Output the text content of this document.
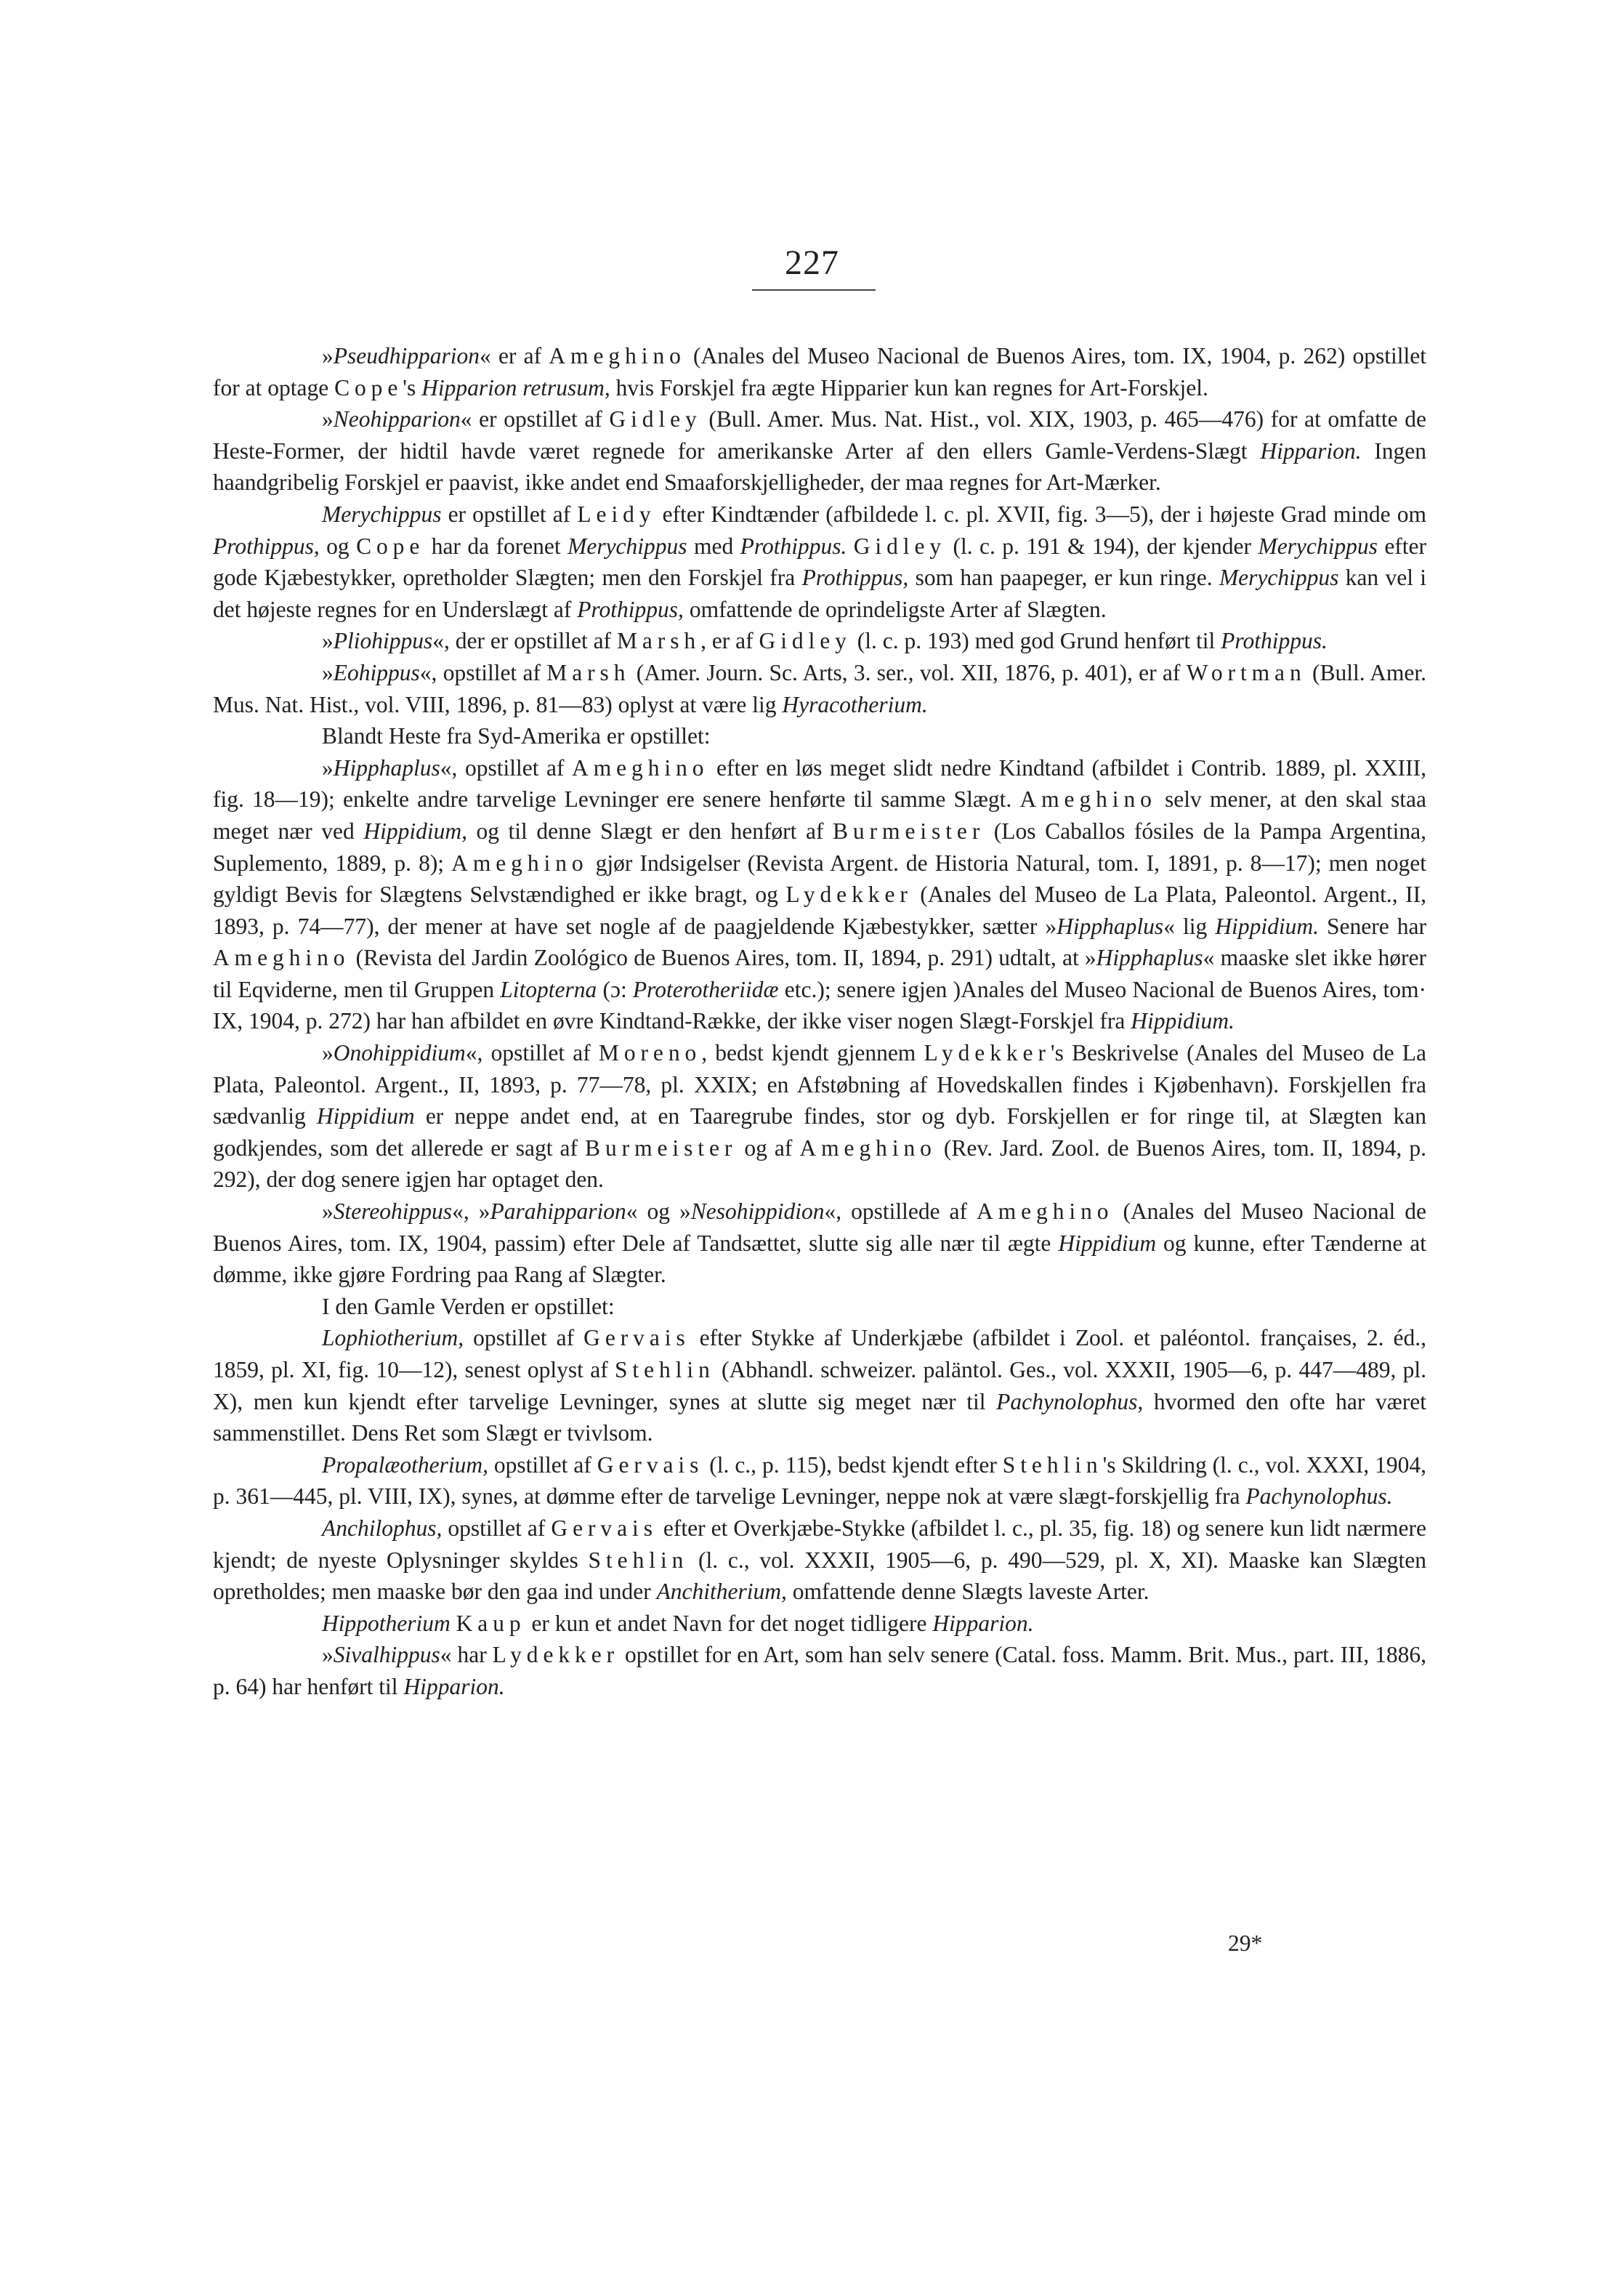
227

»Pseudhipparion« er af Ameghino (Anales del Museo Nacional de Buenos Aires, tom. IX, 1904, p. 262) opstillet for at optage Cope's Hipparion retrusum, hvis Forskjel fra ægte Hipparier kun kan regnes for Art-Forskjel.

»Neohipparion« er opstillet af Gidley (Bull. Amer. Mus. Nat. Hist., vol. XIX, 1903, p. 465—476) for at omfatte de Heste-Former, der hidtil havde været regnede for amerikanske Arter af den ellers Gamle-Verdens-Slægt Hipparion. Ingen haandgribelig Forskjel er paavist, ikke andet end Smaaforskjelligheder, der maa regnes for Art-Mærker.

Merychippus er opstillet af Leidy efter Kindtænder (afbildede l. c. pl. XVII, fig. 3—5), der i højeste Grad minde om Prothippus, og Cope har da forenet Merychippus med Prothippus. Gidley (l. c. p. 191 & 194), der kjender Merychippus efter gode Kjæbestykker, opretholder Slægten; men den Forskjel fra Prothippus, som han paapeger, er kun ringe. Merychippus kan vel i det højeste regnes for en Underslægt af Prothippus, omfattende de oprindeligste Arter af Slægten.

»Pliohippus«, der er opstillet af Marsh, er af Gidley (l. c. p. 193) med god Grund henført til Prothippus.

»Eohippus«, opstillet af Marsh (Amer. Journ. Sc. Arts, 3. ser., vol. XII, 1876, p. 401), er af Wortman (Bull. Amer. Mus. Nat. Hist., vol. VIII, 1896, p. 81—83) oplyst at være lig Hyracotherium.

Blandt Heste fra Syd-Amerika er opstillet:

»Hipphaplus«, opstillet af Ameghino efter en løs meget slidt nedre Kindtand (afbildet i Contrib. 1889, pl. XXIII, fig. 18—19); enkelte andre tarvelige Levninger ere senere henførte til samme Slægt. Ameghino selv mener, at den skal staa meget nær ved Hippidium, og til denne Slægt er den henført af Burmeister (Los Caballos fósiles de la Pampa Argentina, Suplemento, 1889, p. 8); Ameghino gjør Indsigelser (Revista Argent. de Historia Natural, tom. I, 1891, p. 8—17); men noget gyldigt Bevis for Slægtens Selvstændighed er ikke bragt, og Lydekker (Anales del Museo de La Plata, Paleontol. Argent., II, 1893, p. 74—77), der mener at have set nogle af de paagjeldende Kjæbestykker, sætter »Hipphaplus« lig Hippidium. Senere har Ameghino (Revista del Jardin Zoológico de Buenos Aires, tom. II, 1894, p. 291) udtalt, at »Hipphaplus« maaske slet ikke hører til Eqviderne, men til Gruppen Litopterna (ɔ: Proterotheriidæ etc.); senere igjen )Anales del Museo Nacional de Buenos Aires, tom· IX, 1904, p. 272) har han afbildet en øvre Kindtand-Række, der ikke viser nogen Slægt-Forskjel fra Hippidium.

»Onohippidium«, opstillet af Moreno, bedst kjendt gjennem Lydekker's Beskrivelse (Anales del Museo de La Plata, Paleontol. Argent., II, 1893, p. 77—78, pl. XXIX; en Afstøbning af Hovedskallen findes i Kjøbenhavn). Forskjellen fra sædvanlig Hippidium er neppe andet end, at en Taaregrube findes, stor og dyb. Forskjellen er for ringe til, at Slægten kan godkjendes, som det allerede er sagt af Burmeister og af Ameghino (Rev. Jard. Zool. de Buenos Aires, tom. II, 1894, p. 292), der dog senere igjen har optaget den.

»Stereohippus«, »Parahipparion« og »Nesohippidion«, opstillede af Ameghino (Anales del Museo Nacional de Buenos Aires, tom. IX, 1904, passim) efter Dele af Tandsættet, slutte sig alle nær til ægte Hippidium og kunne, efter Tænderne at dømme, ikke gjøre Fordring paa Rang af Slægter.

I den Gamle Verden er opstillet:

Lophiotherium, opstillet af Gervais efter Stykke af Underkjæbe (afbildet i Zool. et paléontol. françaises, 2. éd., 1859, pl. XI, fig. 10—12), senest oplyst af Stehlin (Abhandl. schweizer. paläntol. Ges., vol. XXXII, 1905—6, p. 447—489, pl. X), men kun kjendt efter tarvelige Levninger, synes at slutte sig meget nær til Pachynolophus, hvormed den ofte har været sammenstillet. Dens Ret som Slægt er tvivlsom.

Propalæotherium, opstillet af Gervais (l. c., p. 115), bedst kjendt efter Stehlin's Skildring (l. c., vol. XXXI, 1904, p. 361—445, pl. VIII, IX), synes, at dømme efter de tarvelige Levninger, neppe nok at være slægt-forskjellig fra Pachynolophus.

Anchilophus, opstillet af Gervais efter et Overkjæbe-Stykke (afbildet l. c., pl. 35, fig. 18) og senere kun lidt nærmere kjendt; de nyeste Oplysninger skyldes Stehlin (l. c., vol. XXXII, 1905—6, p. 490—529, pl. X, XI). Maaske kan Slægten opretholdes; men maaske bør den gaa ind under Anchitherium, omfattende denne Slægts laveste Arter.

Hippotherium Kaup er kun et andet Navn for det noget tidligere Hipparion.

»Sivalhippus« har Lydekker opstillet for en Art, som han selv senere (Catal. foss. Mamm. Brit. Mus., part. III, 1886, p. 64) har henført til Hipparion.

29*
